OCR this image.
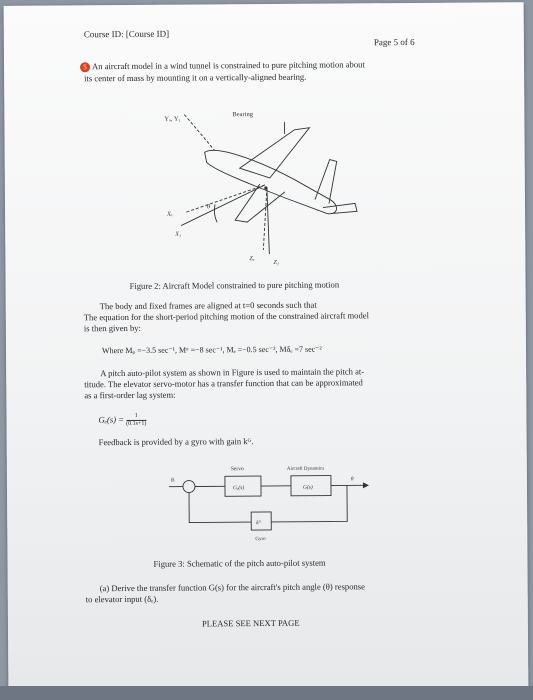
Course ID: [Course ID]
Page 5 of 6
5 An aircraft model in a wind tunnel is constrained to pure pitching motion about
its center of mass by mounting it on a vertically-aligned bearing.
Yₐ, Y₁
Bearing
Xₐ
X₁
Zₐ
Z₁
θ
Figure 2: Aircraft Model constrained to pure pitching motion
The body and fixed frames are aligned at t=0 seconds such that
The equation for the short-period pitching motion of the constrained aircraft model
is then given by:
Where Mᵩ =−3.5 sec⁻¹, Mᵅ =−8 sec⁻¹, Mₑ =−0.5 sec⁻², Mδₑ =7 sec⁻²
A pitch auto-pilot system as shown in Figure is used to maintain the pitch at-
titude. The elevator servo-motor has a transfer function that can be approximated
as a first-order lag system:
$G_e(s) = \frac{1}{(0.1s+1)}$
Feedback is provided by a gyro with gain kᴳ.
Servo	Aircraft Dynamics
Gₑ(s)	G(s)
kᴳ
Gyro
θᵣ	θ
Figure 3: Schematic of the pitch auto-pilot system
(a) Derive the transfer function G(s) for the aircraft's pitch angle (θ) response
to elevator input (δₑ).
PLEASE SEE NEXT PAGE
